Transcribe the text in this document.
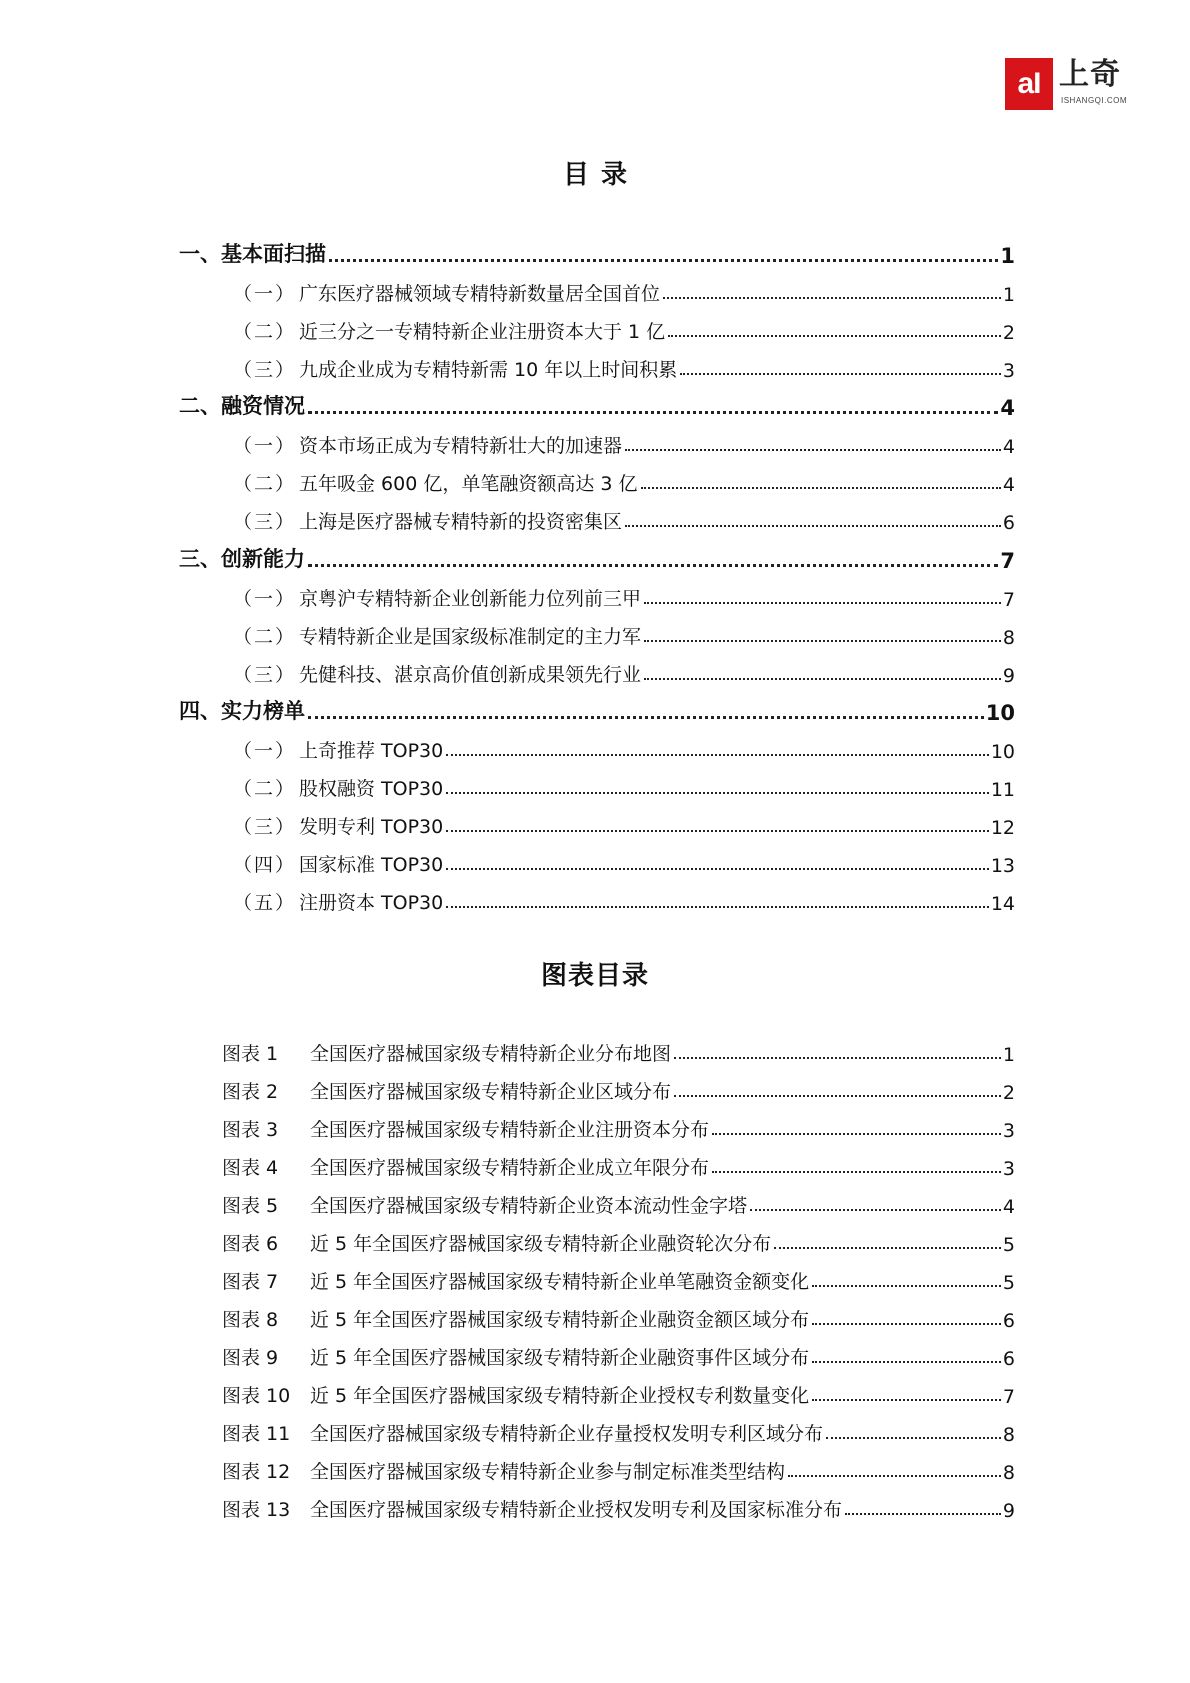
aI 上奇
ISHANGQI.COM
目录
一、 基本面扫描	1
（一） 广东医疗器械领域专精特新数量居全国首位	1
（二） 近三分之一专精特新企业注册资本大于 1 亿	2
（三） 九成企业成为专精特新需 10 年以上时间积累	3
二、 融资情况	4
（一） 资本市场正成为专精特新壮大的加速器	4
（二） 五年吸金 600 亿，单笔融资额高达 3 亿	4
（三） 上海是医疗器械专精特新的投资密集区	6
三、 创新能力	7
（一） 京粤沪专精特新企业创新能力位列前三甲	7
（二） 专精特新企业是国家级标准制定的主力军	8
（三） 先健科技、湛京高价值创新成果领先行业	9
四、 实力榜单	10
（一） 上奇推荐 TOP30	10
（二） 股权融资 TOP30	11
（三） 发明专利 TOP30	12
（四） 国家标准 TOP30	13
（五） 注册资本 TOP30	14
图表目录
图表 1	全国医疗器械国家级专精特新企业分布地图	1
图表 2	全国医疗器械国家级专精特新企业区域分布	2
图表 3	全国医疗器械国家级专精特新企业注册资本分布	3
图表 4	全国医疗器械国家级专精特新企业成立年限分布	3
图表 5	全国医疗器械国家级专精特新企业资本流动性金字塔	4
图表 6	近 5 年全国医疗器械国家级专精特新企业融资轮次分布	5
图表 7	近 5 年全国医疗器械国家级专精特新企业单笔融资金额变化	5
图表 8	近 5 年全国医疗器械国家级专精特新企业融资金额区域分布	6
图表 9	近 5 年全国医疗器械国家级专精特新企业融资事件区域分布	6
图表 10	近 5 年全国医疗器械国家级专精特新企业授权专利数量变化	7
图表 11	全国医疗器械国家级专精特新企业存量授权发明专利区域分布	8
图表 12	全国医疗器械国家级专精特新企业参与制定标准类型结构	8
图表 13	全国医疗器械国家级专精特新企业授权发明专利及国家标准分布	9
